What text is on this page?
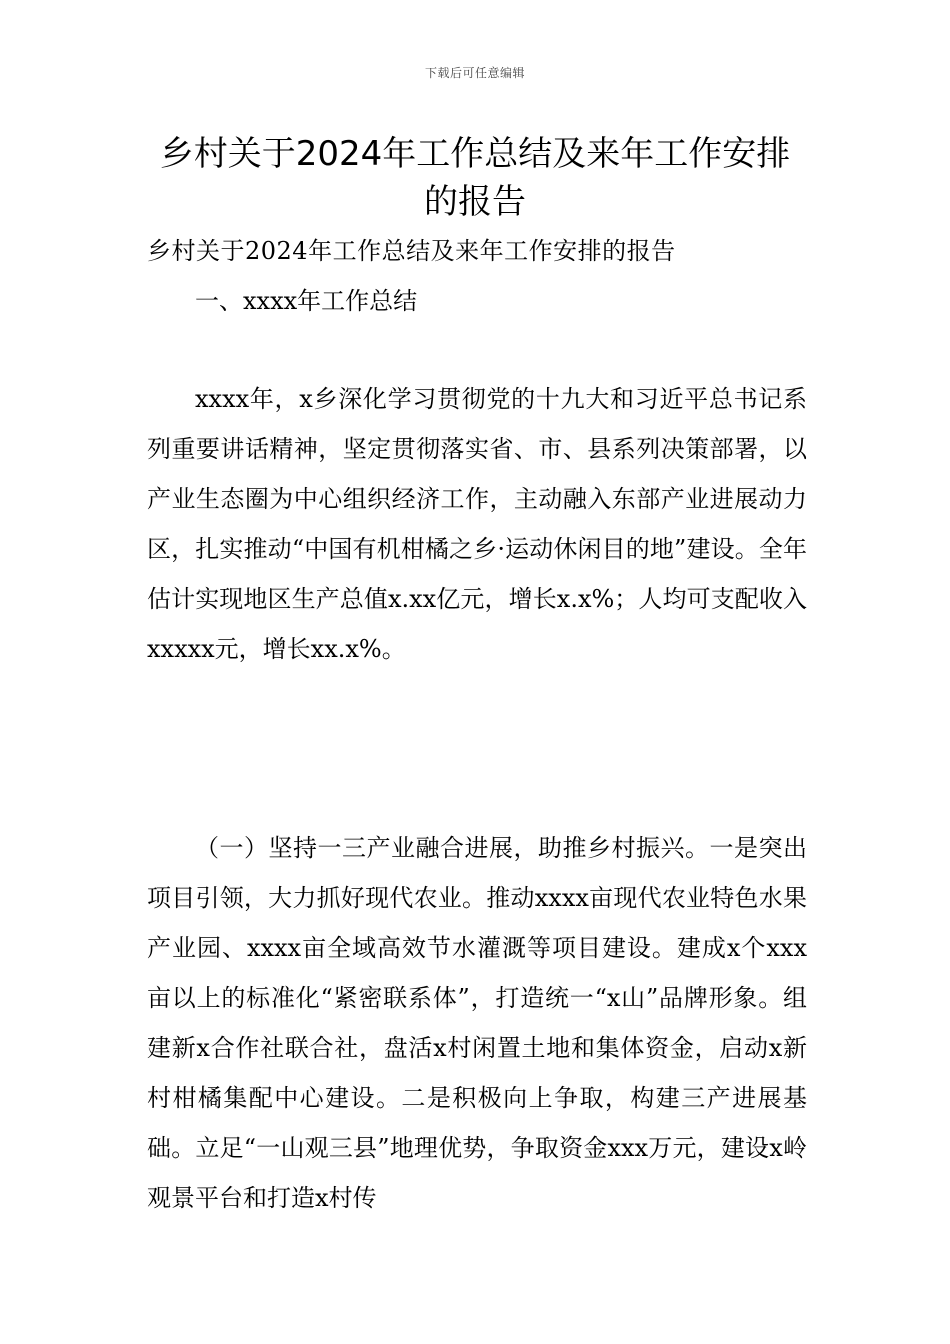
下载后可任意编辑
乡村关于2024年工作总结及来年工作安排
的报告
乡村关于2024年工作总结及来年工作安排的报告
一、xxxx年工作总结
xxxx年，x乡深化学习贯彻党的十九大和习近平总书记系列重要讲话精神，坚定贯彻落实省、市、县系列决策部署，以产业生态圈为中心组织经济工作，主动融入东部产业进展动力区，扎实推动“中国有机柑橘之乡·运动休闲目的地”建设。全年估计实现地区生产总值x.xx亿元，增长x.x%；人均可支配收入xxxxx元，增长xx.x%。
（一）坚持一三产业融合进展，助推乡村振兴。一是突出项目引领，大力抓好现代农业。推动xxxx亩现代农业特色水果产业园、xxxx亩全域高效节水灌溉等项目建设。建成x个xxx亩以上的标准化“紧密联系体”，打造统一“x山”品牌形象。组建新x合作社联合社，盘活x村闲置土地和集体资金，启动x新村柑橘集配中心建设。二是积极向上争取，构建三产进展基础。立足“一山观三县”地理优势，争取资金xxx万元，建设x岭观景平台和打造x村传
